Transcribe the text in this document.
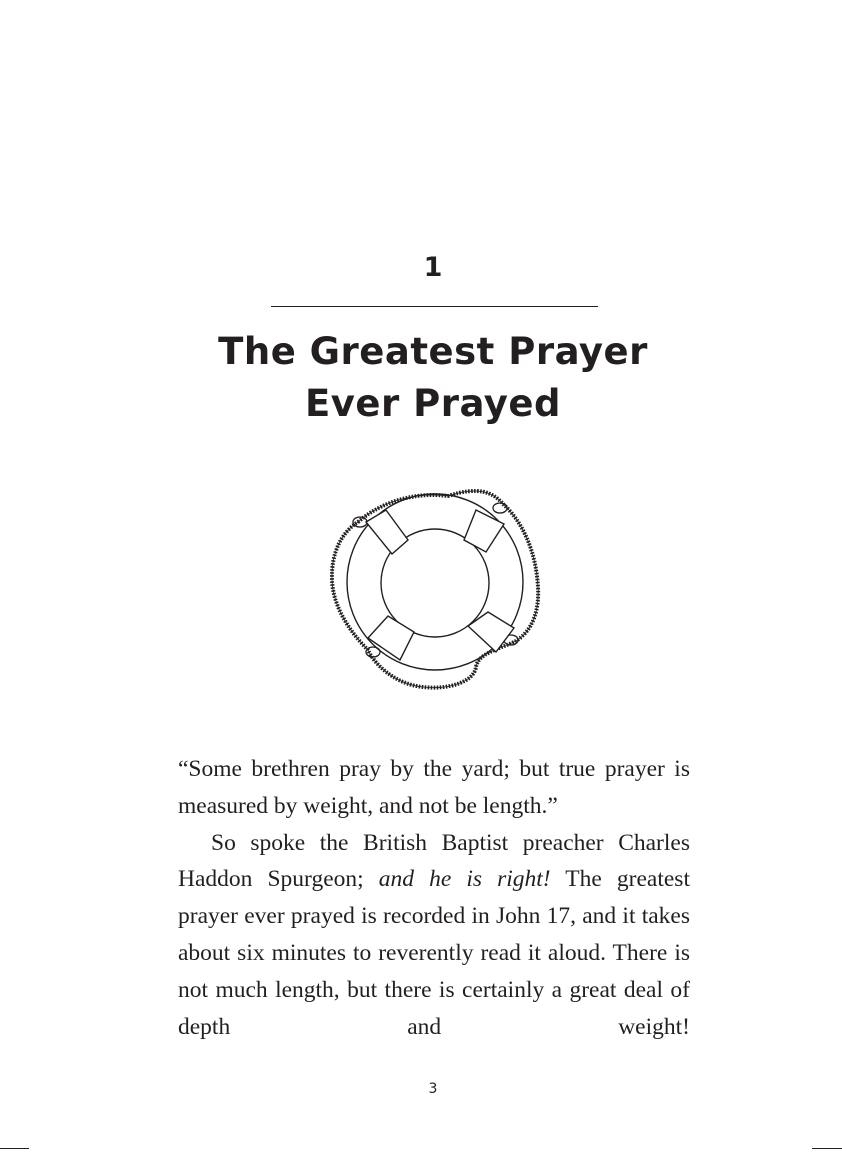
1
The Greatest Prayer
Ever Prayed

“Some brethren pray by the yard; but true prayer is measured by weight, and not be length.”

So spoke the British Baptist preacher Charles Haddon Spurgeon; and he is right! The greatest prayer ever prayed is recorded in John 17, and it takes about six minutes to reverently read it aloud. There is not much length, but there is certainly a great deal of depth and weight!

3
